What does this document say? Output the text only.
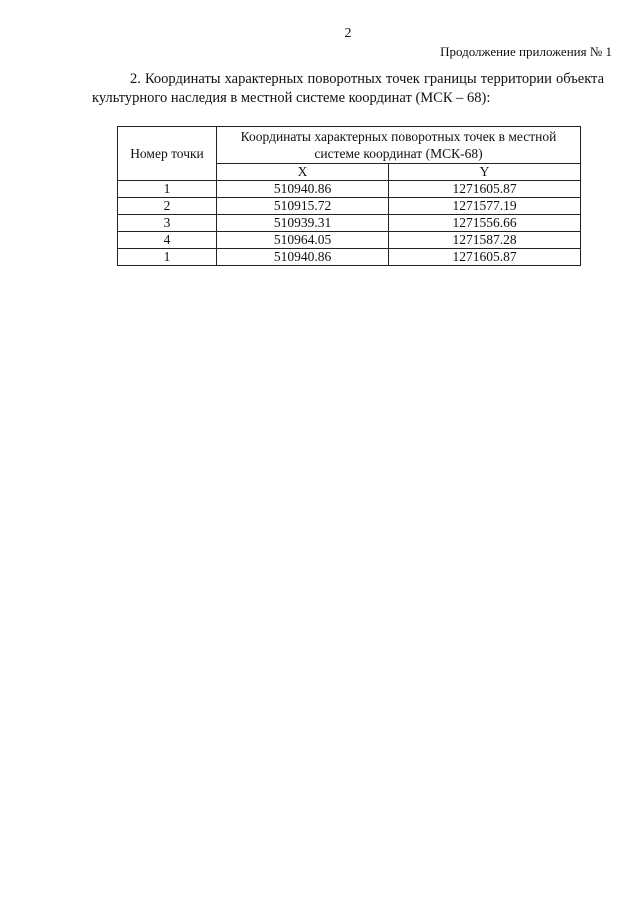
2
Продолжение приложения № 1

2. Координаты характерных поворотных точек границы территории объекта культурного наследия в местной системе координат (МСК – 68):

Номер точки	Координаты характерных поворотных точек в местной системе координат (МСК-68)	
	X	Y
1	510940.86	1271605.87
2	510915.72	1271577.19
3	510939.31	1271556.66
4	510964.05	1271587.28
1	510940.86	1271605.87
